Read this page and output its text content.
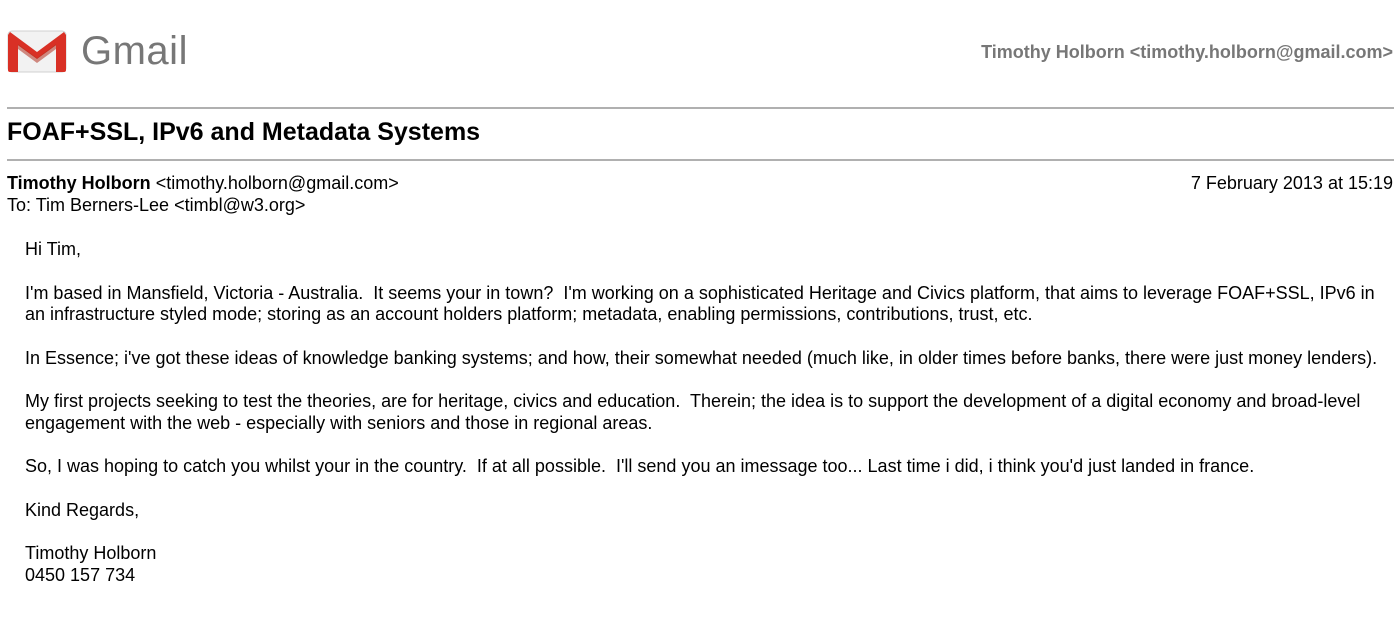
Gmail	Timothy Holborn <timothy.holborn@gmail.com>
FOAF+SSL, IPv6 and Metadata Systems
Timothy Holborn <timothy.holborn@gmail.com>	7 February 2013 at 15:19
To: Tim Berners-Lee <timbl@w3.org>

Hi Tim,

I'm based in Mansfield, Victoria - Australia.  It seems your in town?  I'm working on a sophisticated Heritage and Civics platform, that aims to leverage FOAF+SSL, IPv6 in an infrastructure styled mode; storing as an account holders platform; metadata, enabling permissions, contributions, trust, etc.

In Essence; i've got these ideas of knowledge banking systems; and how, their somewhat needed (much like, in older times before banks, there were just money lenders).

My first projects seeking to test the theories, are for heritage, civics and education.  Therein; the idea is to support the development of a digital economy and broad-level engagement with the web - especially with seniors and those in regional areas.

So, I was hoping to catch you whilst your in the country.  If at all possible.  I'll send you an imessage too... Last time i did, i think you'd just landed in france.

Kind Regards,

Timothy Holborn

0450 157 734
